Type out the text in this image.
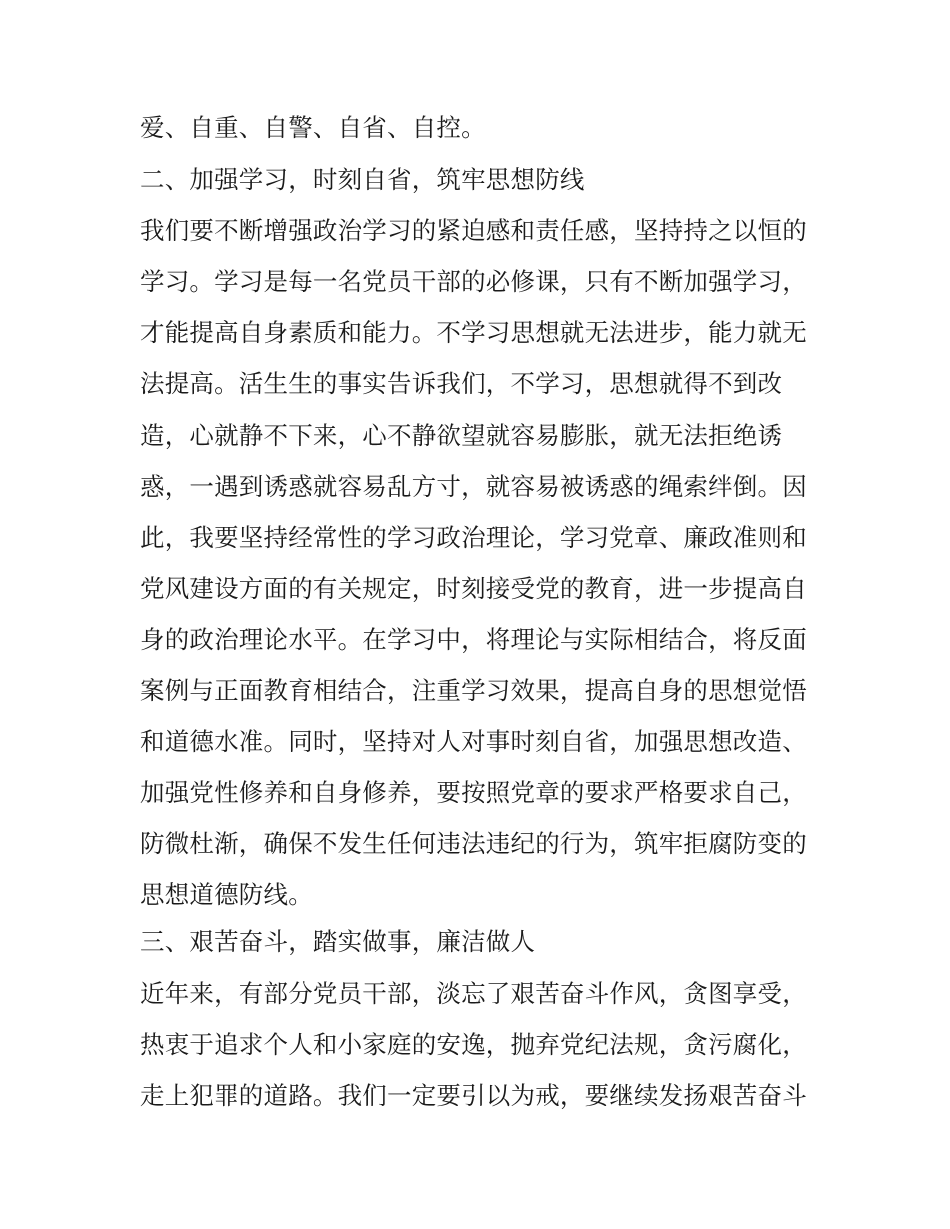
爱、自重、自警、自省、自控。
二、加强学习，时刻自省，筑牢思想防线
我们要不断增强政治学习的紧迫感和责任感，坚持持之以恒的
学习。学习是每一名党员干部的必修课，只有不断加强学习，
才能提高自身素质和能力。不学习思想就无法进步，能力就无
法提高。活生生的事实告诉我们，不学习，思想就得不到改
造，心就静不下来，心不静欲望就容易膨胀，就无法拒绝诱
惑，一遇到诱惑就容易乱方寸，就容易被诱惑的绳索绊倒。因
此，我要坚持经常性的学习政治理论，学习党章、廉政准则和
党风建设方面的有关规定，时刻接受党的教育，进一步提高自
身的政治理论水平。在学习中，将理论与实际相结合，将反面
案例与正面教育相结合，注重学习效果，提高自身的思想觉悟
和道德水准。同时，坚持对人对事时刻自省，加强思想改造、
加强党性修养和自身修养，要按照党章的要求严格要求自己，
防微杜渐，确保不发生任何违法违纪的行为，筑牢拒腐防变的
思想道德防线。
三、艰苦奋斗，踏实做事，廉洁做人
近年来，有部分党员干部，淡忘了艰苦奋斗作风，贪图享受，
热衷于追求个人和小家庭的安逸，抛弃党纪法规，贪污腐化，
走上犯罪的道路。我们一定要引以为戒，要继续发扬艰苦奋斗
